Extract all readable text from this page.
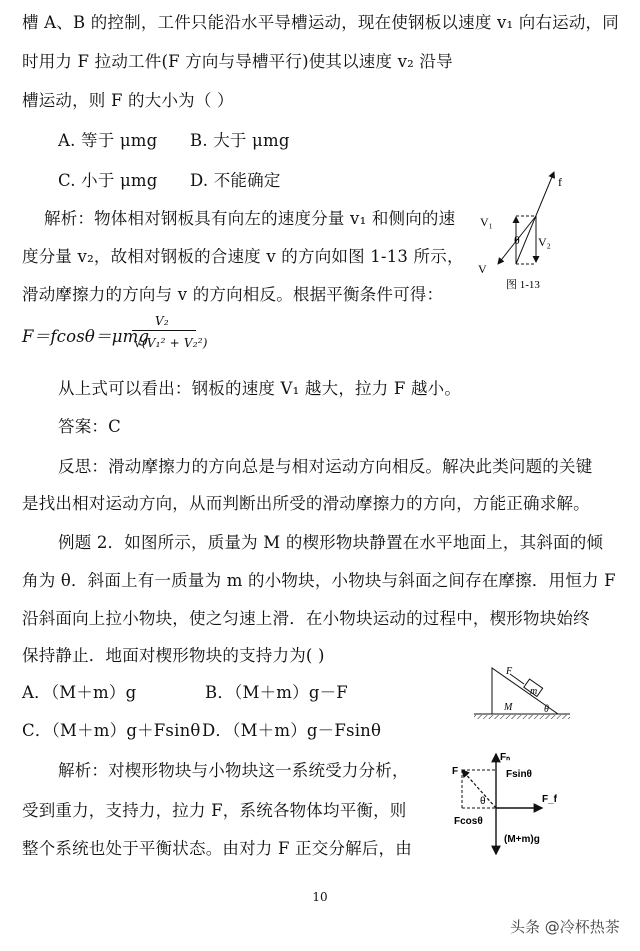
槽 A、B 的控制，工件只能沿水平导槽运动，现在使钢板以速度 v₁ 向右运动，同
时用力 F 拉动工件(F 方向与导槽平行)使其以速度 v₂ 沿导
槽运动，则 F 的大小为（ ）
A. 等于 μmg B. 大于 μmg
C. 小于 μmg D. 不能确定
解析：物体相对钢板具有向左的速度分量 v₁ 和侧向的速
度分量 v₂，故相对钢板的合速度 v 的方向如图 1-13 所示，
滑动摩擦力的方向与 v 的方向相反。根据平衡条件可得：
F＝fcosθ＝μmg
V₂
√(V₁² + V₂²)
从上式可以看出：钢板的速度 V₁ 越大，拉力 F 越小。
答案：C
反思：滑动摩擦力的方向总是与相对运动方向相反。解决此类问题的关键
是找出相对运动方向，从而判断出所受的滑动摩擦力的方向，方能正确求解。
例题 2．如图所示，质量为 M 的楔形物块静置在水平地面上，其斜面的倾
角为 θ．斜面上有一质量为 m 的小物块，小物块与斜面之间存在摩擦．用恒力 F
沿斜面向上拉小物块，使之匀速上滑．在小物块运动的过程中，楔形物块始终
保持静止．地面对楔形物块的支持力为( )
A．（M＋m）g	B．（M＋m）g－F
C．（M＋m）g＋Fsinθ D．（M＋m）g－Fsinθ
解析：对楔形物块与小物块这一系统受力分析，
受到重力，支持力，拉力 F，系统各物体均平衡，则
整个系统也处于平衡状态。由对力 F 正交分解后，由
f
V₁
θ V₂
V
图 1-13
F
m
M	θ
F
Fₙ
Fsinθ
F_f
θ
Fcosθ
(M+m)g
10
头条 @冷杯热茶
